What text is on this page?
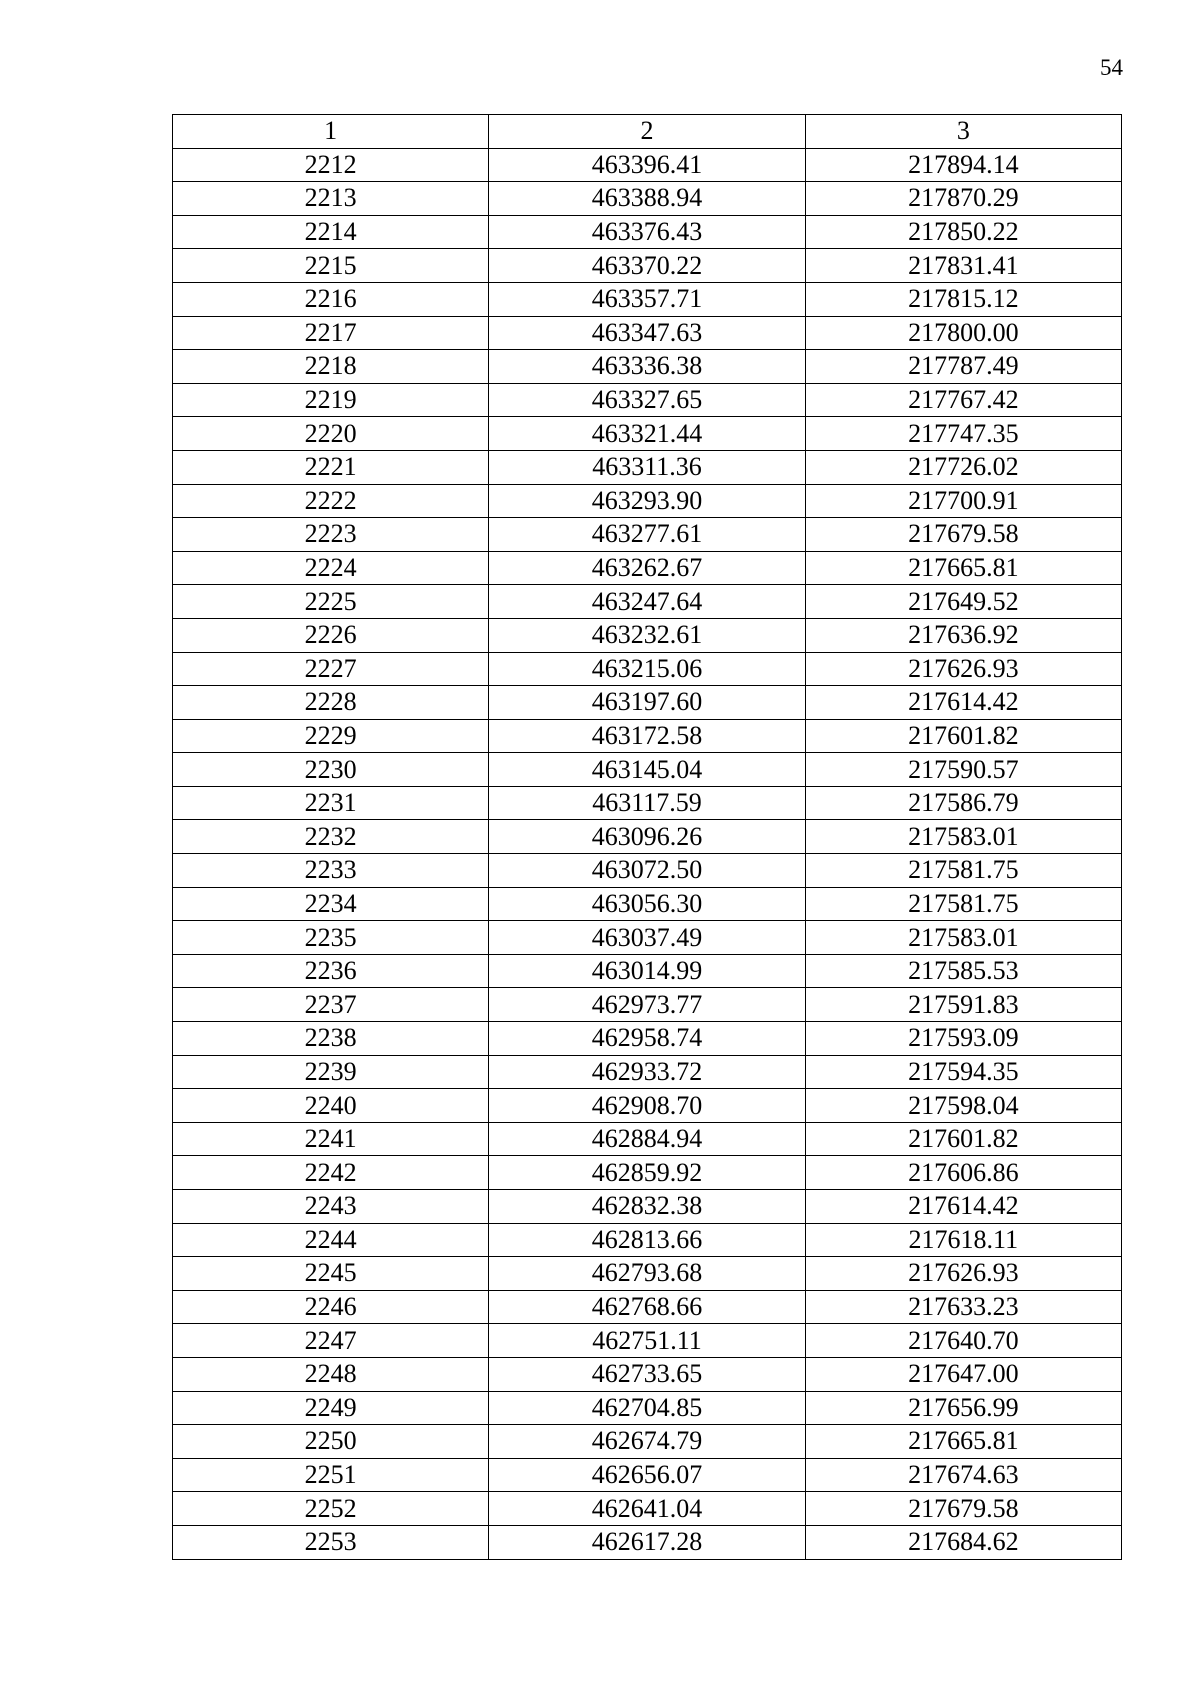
54
1	2	3
2212	463396.41	217894.14
2213	463388.94	217870.29
2214	463376.43	217850.22
2215	463370.22	217831.41
2216	463357.71	217815.12
2217	463347.63	217800.00
2218	463336.38	217787.49
2219	463327.65	217767.42
2220	463321.44	217747.35
2221	463311.36	217726.02
2222	463293.90	217700.91
2223	463277.61	217679.58
2224	463262.67	217665.81
2225	463247.64	217649.52
2226	463232.61	217636.92
2227	463215.06	217626.93
2228	463197.60	217614.42
2229	463172.58	217601.82
2230	463145.04	217590.57
2231	463117.59	217586.79
2232	463096.26	217583.01
2233	463072.50	217581.75
2234	463056.30	217581.75
2235	463037.49	217583.01
2236	463014.99	217585.53
2237	462973.77	217591.83
2238	462958.74	217593.09
2239	462933.72	217594.35
2240	462908.70	217598.04
2241	462884.94	217601.82
2242	462859.92	217606.86
2243	462832.38	217614.42
2244	462813.66	217618.11
2245	462793.68	217626.93
2246	462768.66	217633.23
2247	462751.11	217640.70
2248	462733.65	217647.00
2249	462704.85	217656.99
2250	462674.79	217665.81
2251	462656.07	217674.63
2252	462641.04	217679.58
2253	462617.28	217684.62
